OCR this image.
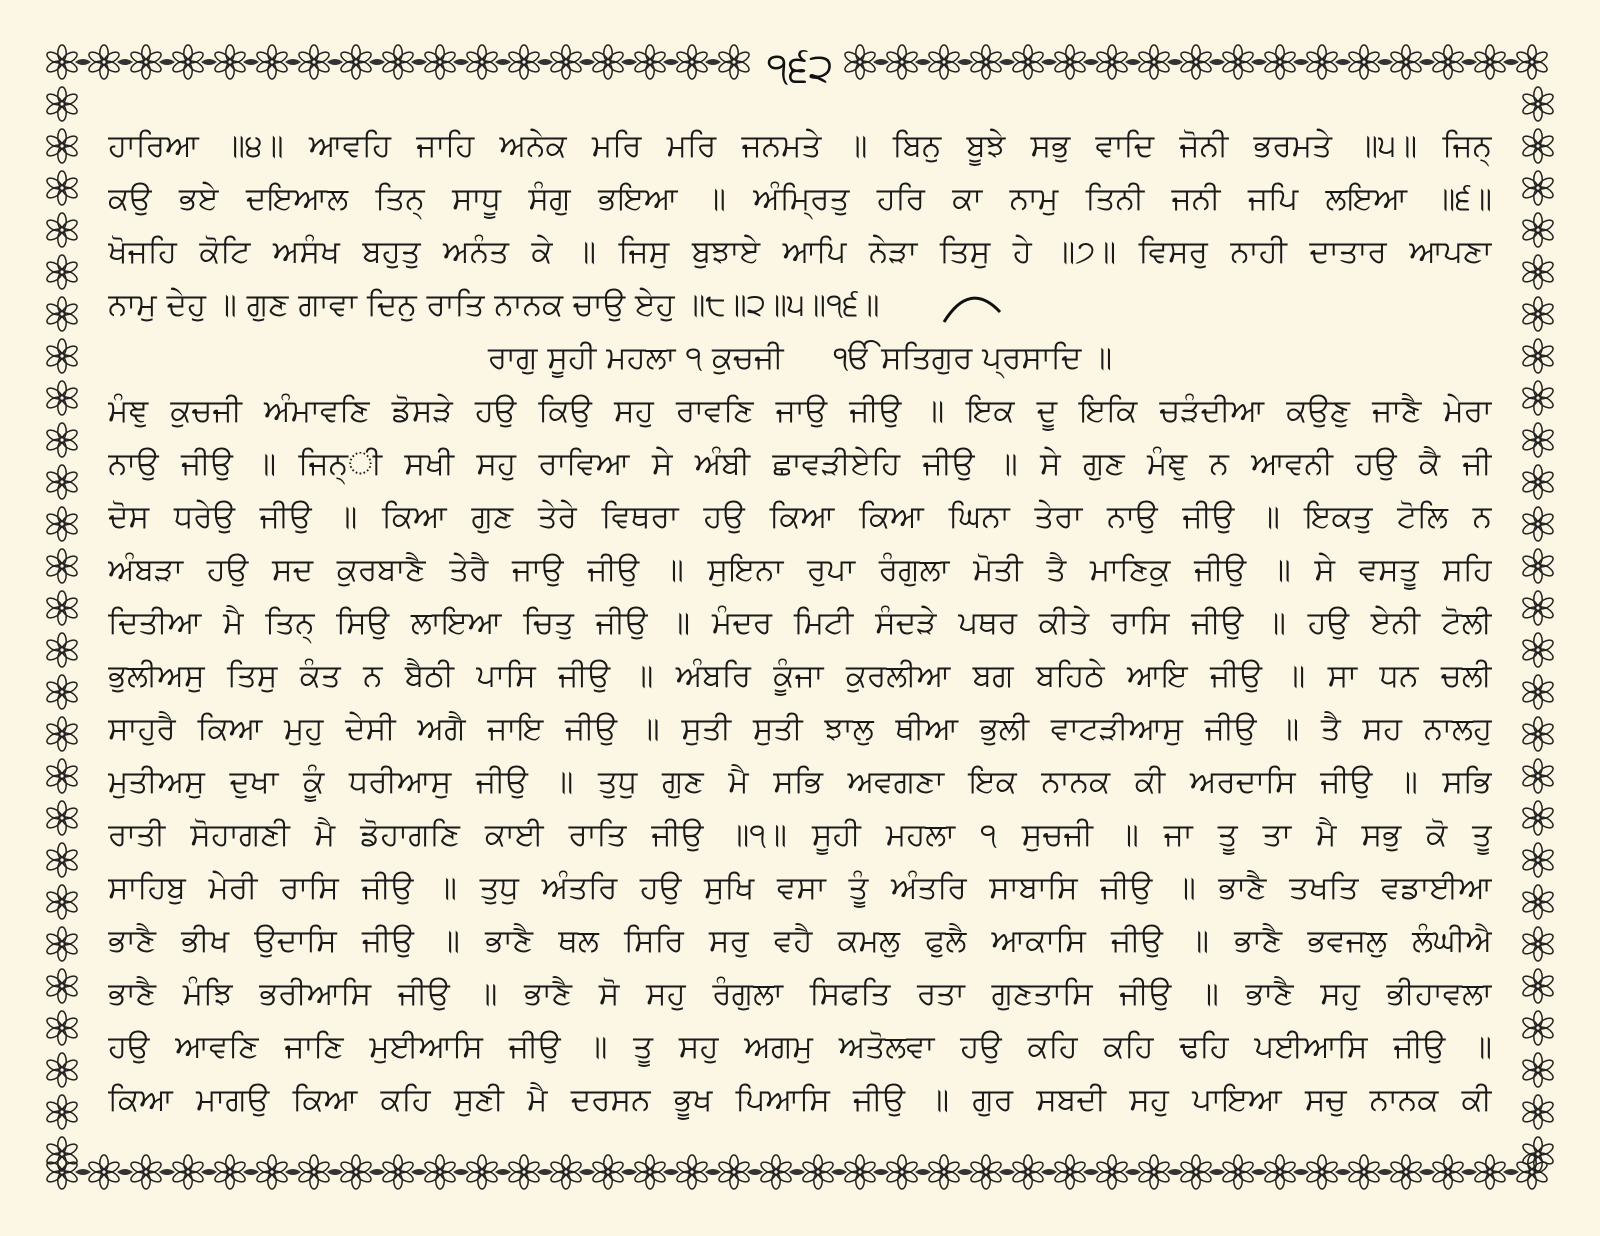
੧੬੨
ਹਾਰਿਆ ॥੪॥ ਆਵਹਿ ਜਾਹਿ ਅਨੇਕ ਮਰਿ ਮਰਿ ਜਨਮਤੇ ॥ ਬਿਨੁ ਬੂਝੇ ਸਭੁ ਵਾਦਿ ਜੋਨੀ ਭਰਮਤੇ ॥੫॥ ਜਿਨ੍
ਕਉ ਭਏ ਦਇਆਲ ਤਿਨ੍ ਸਾਧੂ ਸੰਗੁ ਭਇਆ ॥ ਅੰਮ੍ਰਿਤੁ ਹਰਿ ਕਾ ਨਾਮੁ ਤਿਨੀ ਜਨੀ ਜਪਿ ਲਇਆ ॥੬॥
ਖੋਜਹਿ ਕੋਟਿ ਅਸੰਖ ਬਹੁਤੁ ਅਨੰਤ ਕੇ ॥ ਜਿਸੁ ਬੁਝਾਏ ਆਪਿ ਨੇੜਾ ਤਿਸੁ ਹੇ ॥੭॥ ਵਿਸਰੁ ਨਾਹੀ ਦਾਤਾਰ ਆਪਣਾ
ਨਾਮੁ ਦੇਹੁ ॥ ਗੁਣ ਗਾਵਾ ਦਿਨੁ ਰਾਤਿ ਨਾਨਕ ਚਾਉ ਏਹੁ ॥੮॥੨॥੫॥੧੬॥
ਰਾਗੁ ਸੂਹੀ ਮਹਲਾ ੧ ਕੁਚਜੀ ੴ ਸਤਿਗੁਰ ਪ੍ਰਸਾਦਿ ॥
ਮੰਞੁ ਕੁਚਜੀ ਅੰਮਾਵਣਿ ਡੋਸੜੇ ਹਉ ਕਿਉ ਸਹੁ ਰਾਵਣਿ ਜਾਉ ਜੀਉ ॥ ਇਕ ਦੂ ਇਕਿ ਚੜੰਦੀਆ ਕਉਣੁ ਜਾਣੈ ਮੇਰਾ
ਨਾਉ ਜੀਉ ॥ ਜਿਨ੍ੀ ਸਖੀ ਸਹੁ ਰਾਵਿਆ ਸੇ ਅੰਬੀ ਛਾਵੜੀਏਹਿ ਜੀਉ ॥ ਸੇ ਗੁਣ ਮੰਞੁ ਨ ਆਵਨੀ ਹਉ ਕੈ ਜੀ
ਦੋਸ ਧਰੇਉ ਜੀਉ ॥ ਕਿਆ ਗੁਣ ਤੇਰੇ ਵਿਥਰਾ ਹਉ ਕਿਆ ਕਿਆ ਘਿਨਾ ਤੇਰਾ ਨਾਉ ਜੀਉ ॥ ਇਕਤੁ ਟੋਲਿ ਨ
ਅੰਬੜਾ ਹਉ ਸਦ ਕੁਰਬਾਣੈ ਤੇਰੈ ਜਾਉ ਜੀਉ ॥ ਸੁਇਨਾ ਰੁਪਾ ਰੰਗੁਲਾ ਮੋਤੀ ਤੈ ਮਾਣਿਕੁ ਜੀਉ ॥ ਸੇ ਵਸਤੂ ਸਹਿ
ਦਿਤੀਆ ਮੈ ਤਿਨ੍ ਸਿਉ ਲਾਇਆ ਚਿਤੁ ਜੀਉ ॥ ਮੰਦਰ ਮਿਟੀ ਸੰਦੜੇ ਪਥਰ ਕੀਤੇ ਰਾਸਿ ਜੀਉ ॥ ਹਉ ਏਨੀ ਟੋਲੀ
ਭੁਲੀਅਸੁ ਤਿਸੁ ਕੰਤ ਨ ਬੈਠੀ ਪਾਸਿ ਜੀਉ ॥ ਅੰਬਰਿ ਕੂੰਜਾ ਕੁਰਲੀਆ ਬਗ ਬਹਿਠੇ ਆਇ ਜੀਉ ॥ ਸਾ ਧਨ ਚਲੀ
ਸਾਹੁਰੈ ਕਿਆ ਮੁਹੁ ਦੇਸੀ ਅਗੈ ਜਾਇ ਜੀਉ ॥ ਸੁਤੀ ਸੁਤੀ ਝਾਲੁ ਥੀਆ ਭੁਲੀ ਵਾਟੜੀਆਸੁ ਜੀਉ ॥ ਤੈ ਸਹ ਨਾਲਹੁ
ਮੁਤੀਅਸੁ ਦੁਖਾ ਕੂੰ ਧਰੀਆਸੁ ਜੀਉ ॥ ਤੁਧੁ ਗੁਣ ਮੈ ਸਭਿ ਅਵਗਣਾ ਇਕ ਨਾਨਕ ਕੀ ਅਰਦਾਸਿ ਜੀਉ ॥ ਸਭਿ
ਰਾਤੀ ਸੋਹਾਗਣੀ ਮੈ ਡੋਹਾਗਣਿ ਕਾਈ ਰਾਤਿ ਜੀਉ ॥੧॥ ਸੂਹੀ ਮਹਲਾ ੧ ਸੁਚਜੀ ॥ ਜਾ ਤੂ ਤਾ ਮੈ ਸਭੁ ਕੋ ਤੂ
ਸਾਹਿਬੁ ਮੇਰੀ ਰਾਸਿ ਜੀਉ ॥ ਤੁਧੁ ਅੰਤਰਿ ਹਉ ਸੁਖਿ ਵਸਾ ਤੂੰ ਅੰਤਰਿ ਸਾਬਾਸਿ ਜੀਉ ॥ ਭਾਣੈ ਤਖਤਿ ਵਡਾਈਆ
ਭਾਣੈ ਭੀਖ ਉਦਾਸਿ ਜੀਉ ॥ ਭਾਣੈ ਥਲ ਸਿਰਿ ਸਰੁ ਵਹੈ ਕਮਲੁ ਫੁਲੈ ਆਕਾਸਿ ਜੀਉ ॥ ਭਾਣੈ ਭਵਜਲੁ ਲੰਘੀਐ
ਭਾਣੈ ਮੰਝਿ ਭਰੀਆਸਿ ਜੀਉ ॥ ਭਾਣੈ ਸੋ ਸਹੁ ਰੰਗੁਲਾ ਸਿਫਤਿ ਰਤਾ ਗੁਣਤਾਸਿ ਜੀਉ ॥ ਭਾਣੈ ਸਹੁ ਭੀਹਾਵਲਾ
ਹਉ ਆਵਣਿ ਜਾਣਿ ਮੁਈਆਸਿ ਜੀਉ ॥ ਤੂ ਸਹੁ ਅਗਮੁ ਅਤੋਲਵਾ ਹਉ ਕਹਿ ਕਹਿ ਢਹਿ ਪਈਆਸਿ ਜੀਉ ॥
ਕਿਆ ਮਾਗਉ ਕਿਆ ਕਹਿ ਸੁਣੀ ਮੈ ਦਰਸਨ ਭੂਖ ਪਿਆਸਿ ਜੀਉ ॥ ਗੁਰ ਸਬਦੀ ਸਹੁ ਪਾਇਆ ਸਚੁ ਨਾਨਕ ਕੀ
